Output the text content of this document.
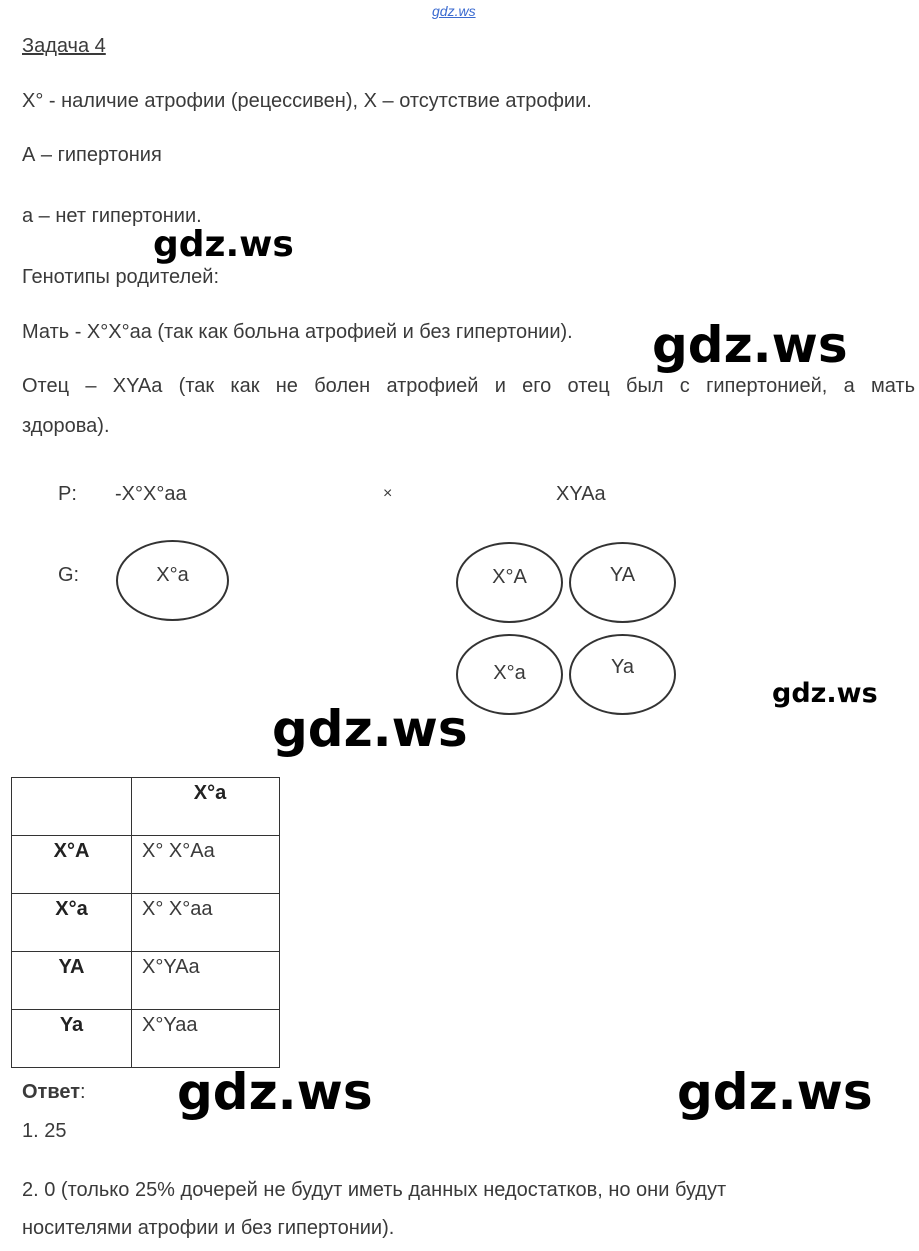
gdz.ws
Задача 4
X° - наличие атрофии (рецессивен), X – отсутствие атрофии.
А – гипертония
а – нет гипертонии.
Генотипы родителей:
Мать - X°X°aa (так как больна атрофией и без гипертонии).
Отец – XYAa (так как не болен атрофией и его отец был с гипертонией, а мать
здорова).
P: -X°X°aa	×	XYAa
G:	X°a	X°A	YA
X°a	Ya
	X°a
X°A	X° X°Aa
X°a	X° X°aa
YA	X°YAa
Ya	X°Yaa
Ответ:
1. 25
2. 0 (только 25% дочерей не будут иметь данных недостатков, но они будут
носителями атрофии и без гипертонии).
gdz.ws
gdz.ws
gdz.ws
gdz.ws
gdz.ws	gdz.ws
